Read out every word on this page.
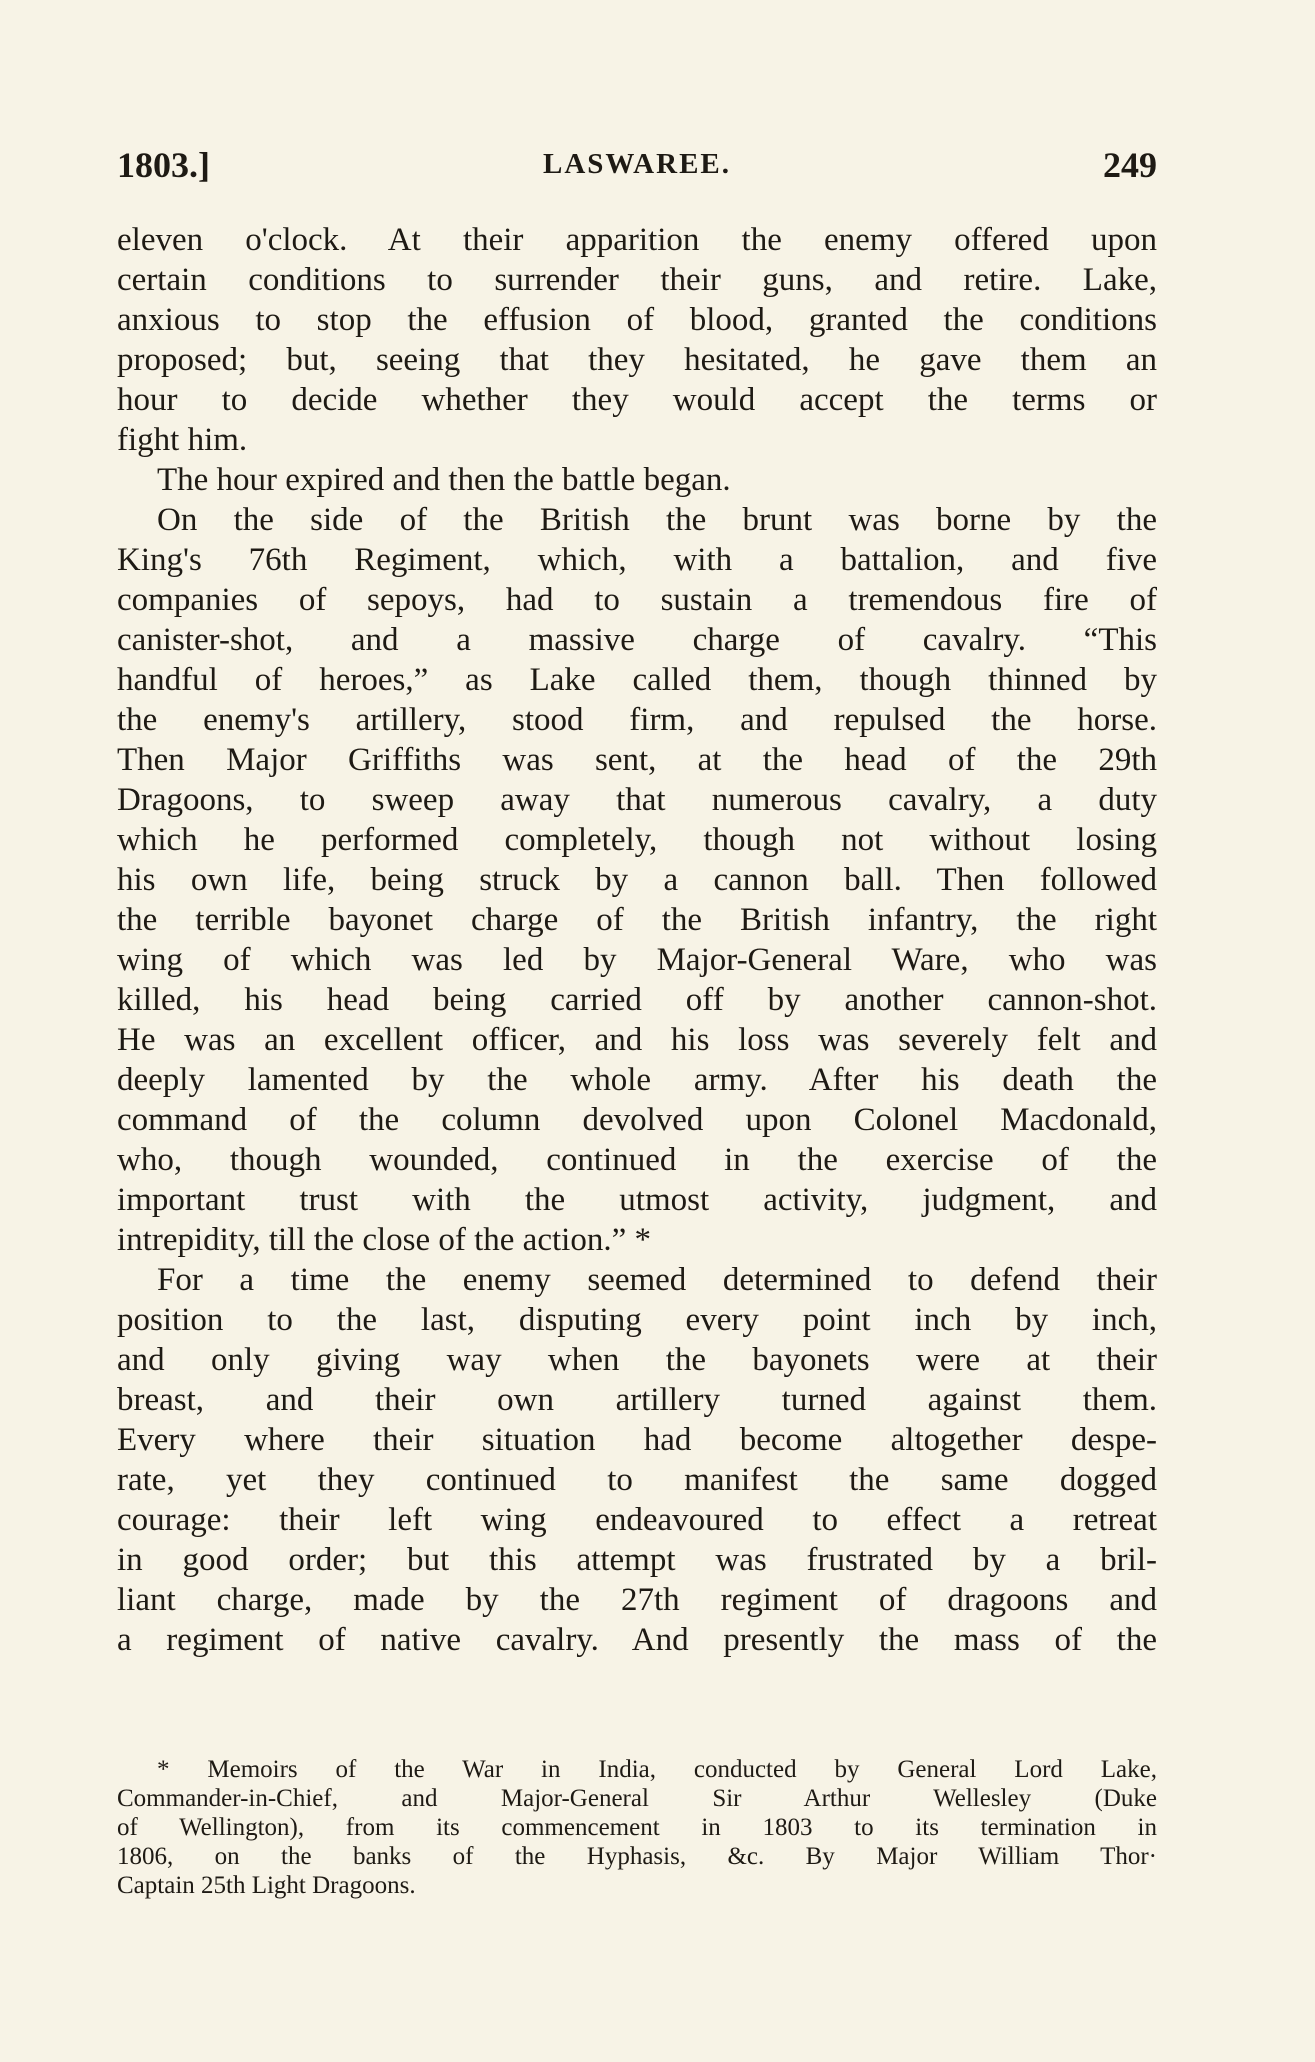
1803.]	LASWAREE.	249
eleven o'clock. At their apparition the enemy offered upon
certain conditions to surrender their guns, and retire. Lake,
anxious to stop the effusion of blood, granted the conditions
proposed; but, seeing that they hesitated, he gave them an
hour to decide whether they would accept the terms or
fight him.
The hour expired and then the battle began.
On the side of the British the brunt was borne by the
King's 76th Regiment, which, with a battalion, and five
companies of sepoys, had to sustain a tremendous fire of
canister-shot, and a massive charge of cavalry. “This
handful of heroes,” as Lake called them, though thinned by
the enemy's artillery, stood firm, and repulsed the horse.
Then Major Griffiths was sent, at the head of the 29th
Dragoons, to sweep away that numerous cavalry, a duty
which he performed completely, though not without losing
his own life, being struck by a cannon ball. Then followed
the terrible bayonet charge of the British infantry, the right
wing of which was led by Major-General Ware, who was
killed, his head being carried off by another cannon-shot.
He was an excellent officer, and his loss was severely felt and
deeply lamented by the whole army. After his death the
command of the column devolved upon Colonel Macdonald,
who, though wounded, continued in the exercise of the
important trust with the utmost activity, judgment, and
intrepidity, till the close of the action.” *
For a time the enemy seemed determined to defend their
position to the last, disputing every point inch by inch,
and only giving way when the bayonets were at their
breast, and their own artillery turned against them.
Every where their situation had become altogether despe-
rate, yet they continued to manifest the same dogged
courage: their left wing endeavoured to effect a retreat
in good order; but this attempt was frustrated by a bril-
liant charge, made by the 27th regiment of dragoons and
a regiment of native cavalry. And presently the mass of the
* Memoirs of the War in India, conducted by General Lord Lake,
Commander-in-Chief, and Major-General Sir Arthur Wellesley (Duke
of Wellington), from its commencement in 1803 to its termination in
1806, on the banks of the Hyphasis, &c. By Major William Thor·
Captain 25th Light Dragoons.
